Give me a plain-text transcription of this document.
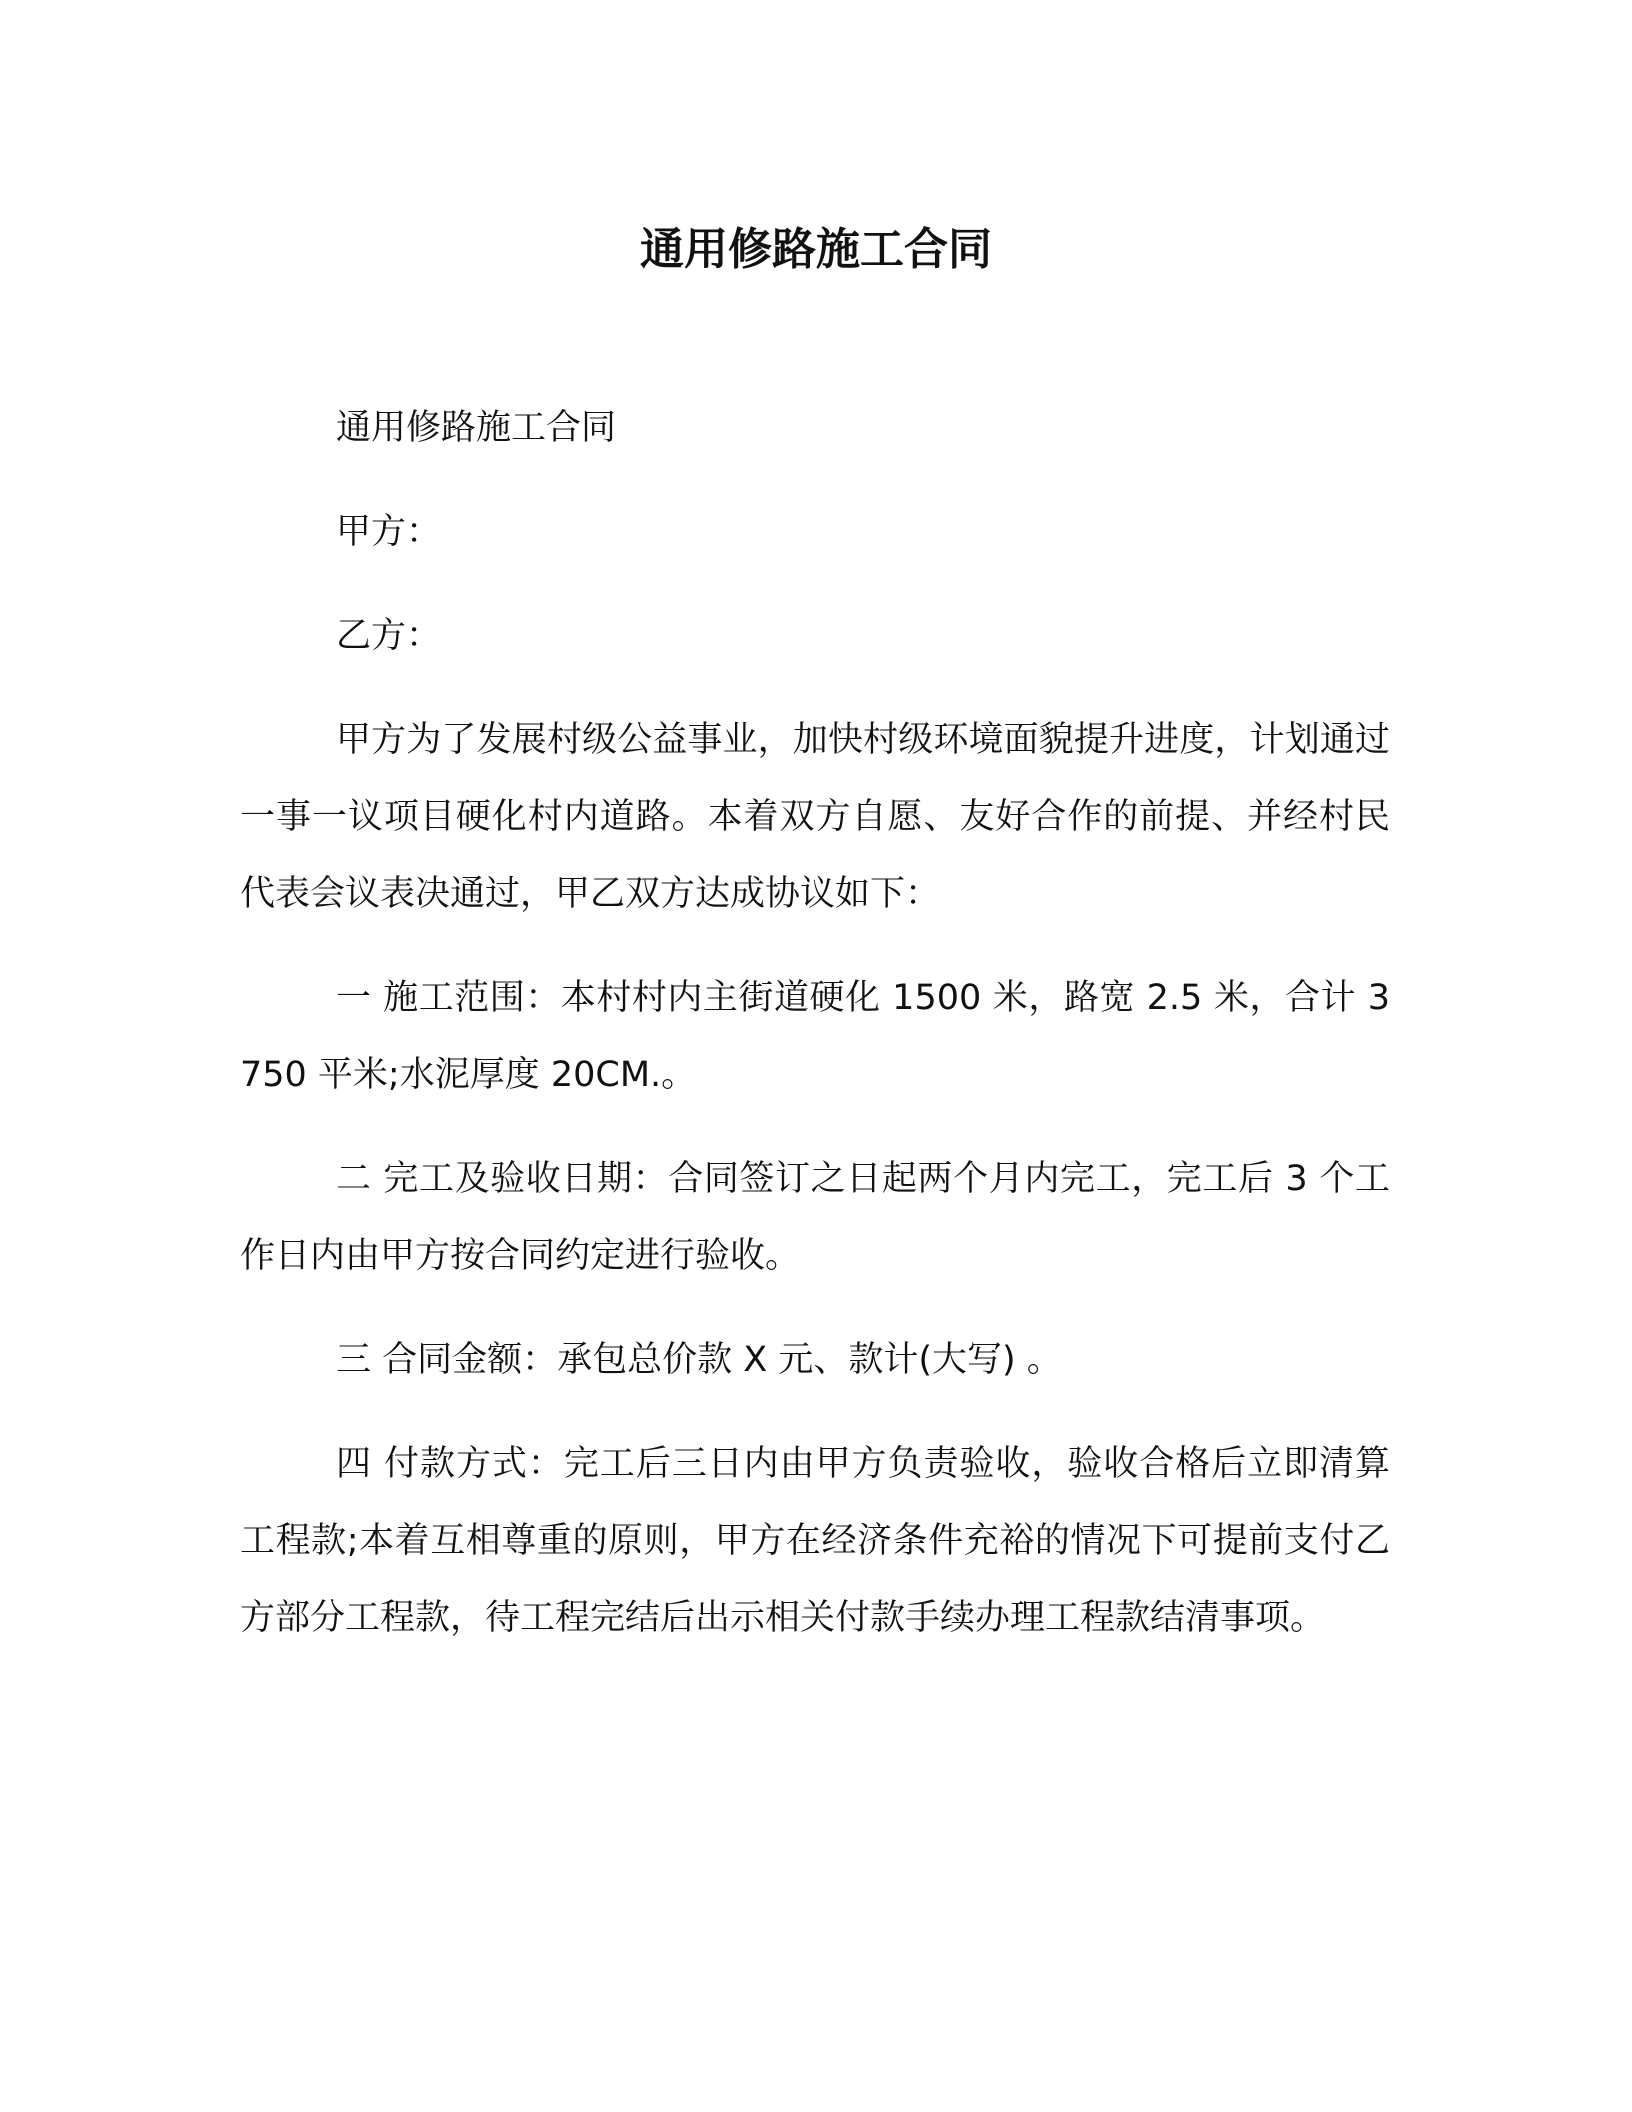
通用修路施工合同

通用修路施工合同

甲方：

乙方：

甲方为了发展村级公益事业，加快村级环境面貌提升进度，计划通过一事一议项目硬化村内道路。本着双方自愿、友好合作的前提、并经村民代表会议表决通过，甲乙双方达成协议如下：

一 施工范围：本村村内主街道硬化 1500 米，路宽 2.5 米，合计 3750 平米;水泥厚度 20CM.。

二 完工及验收日期：合同签订之日起两个月内完工，完工后 3 个工作日内由甲方按合同约定进行验收。

三 合同金额：承包总价款 X 元、款计(大写) 。

四 付款方式：完工后三日内由甲方负责验收，验收合格后立即清算工程款;本着互相尊重的原则，甲方在经济条件充裕的情况下可提前支付乙方部分工程款，待工程完结后出示相关付款手续办理工程款结清事项。
